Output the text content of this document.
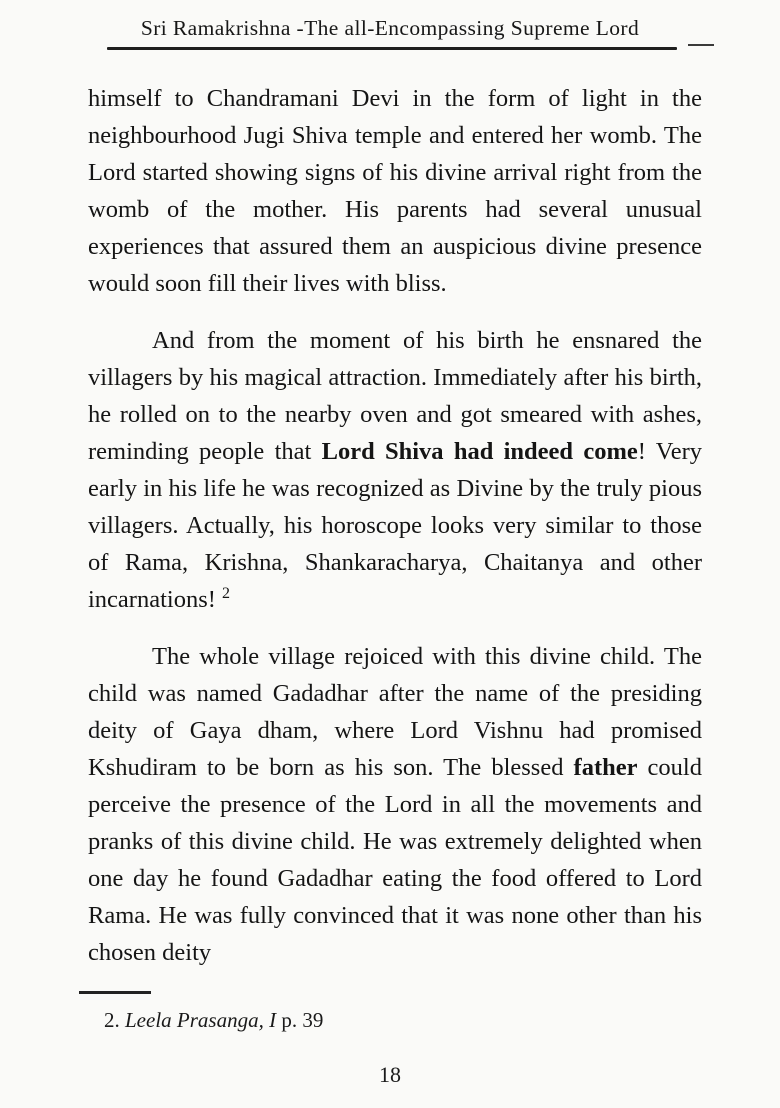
Sri Ramakrishna -The all-Encompassing Supreme Lord

himself to Chandramani Devi in the form of light in the neighbourhood Jugi Shiva temple and entered her womb. The Lord started showing signs of his divine arrival right from the womb of the mother. His parents had several unusual experiences that assured them an auspicious divine presence would soon fill their lives with bliss.

And from the moment of his birth he ensnared the villagers by his magical attraction. Immediately after his birth, he rolled on to the nearby oven and got smeared with ashes, reminding people that Lord Shiva had indeed come! Very early in his life he was recognized as Divine by the truly pious villagers. Actually, his horoscope looks very similar to those of Rama, Krishna, Shankaracharya, Chaitanya and other incarnations! $^2$

The whole village rejoiced with this divine child. The child was named Gadadhar after the name of the presiding deity of Gaya dham, where Lord Vishnu had promised Kshudiram to be born as his son. The blessed father could perceive the presence of the Lord in all the movements and pranks of this divine child. He was extremely delighted when one day he found Gadadhar eating the food offered to Lord Rama. He was fully convinced that it was none other than his chosen deity

2. Leela Prasanga, I p. 39
18
